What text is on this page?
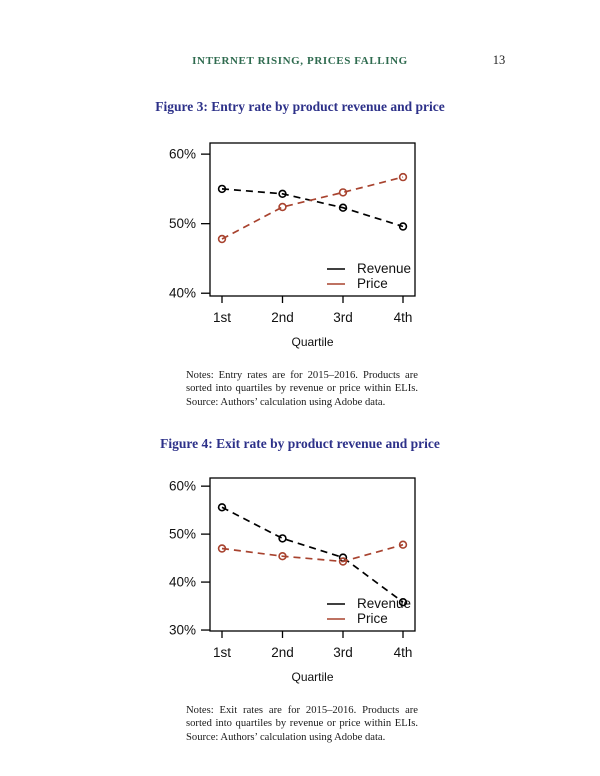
INTERNET RISING, PRICES FALLING	13
Figure 3: Entry rate by product revenue and price
60%
50%
40%
1st	2nd	3rd	4th
Quartile
Revenue
Price
Notes: Entry rates are for 2015–2016. Products are sorted into quartiles by revenue or price within ELIs. Source: Authors’ calculation using Adobe data.
Figure 4: Exit rate by product revenue and price
60%
50%
40%
30%
1st	2nd	3rd	4th
Quartile
Revenue
Price
Notes: Exit rates are for 2015–2016. Products are sorted into quartiles by revenue or price within ELIs. Source: Authors’ calculation using Adobe data.
